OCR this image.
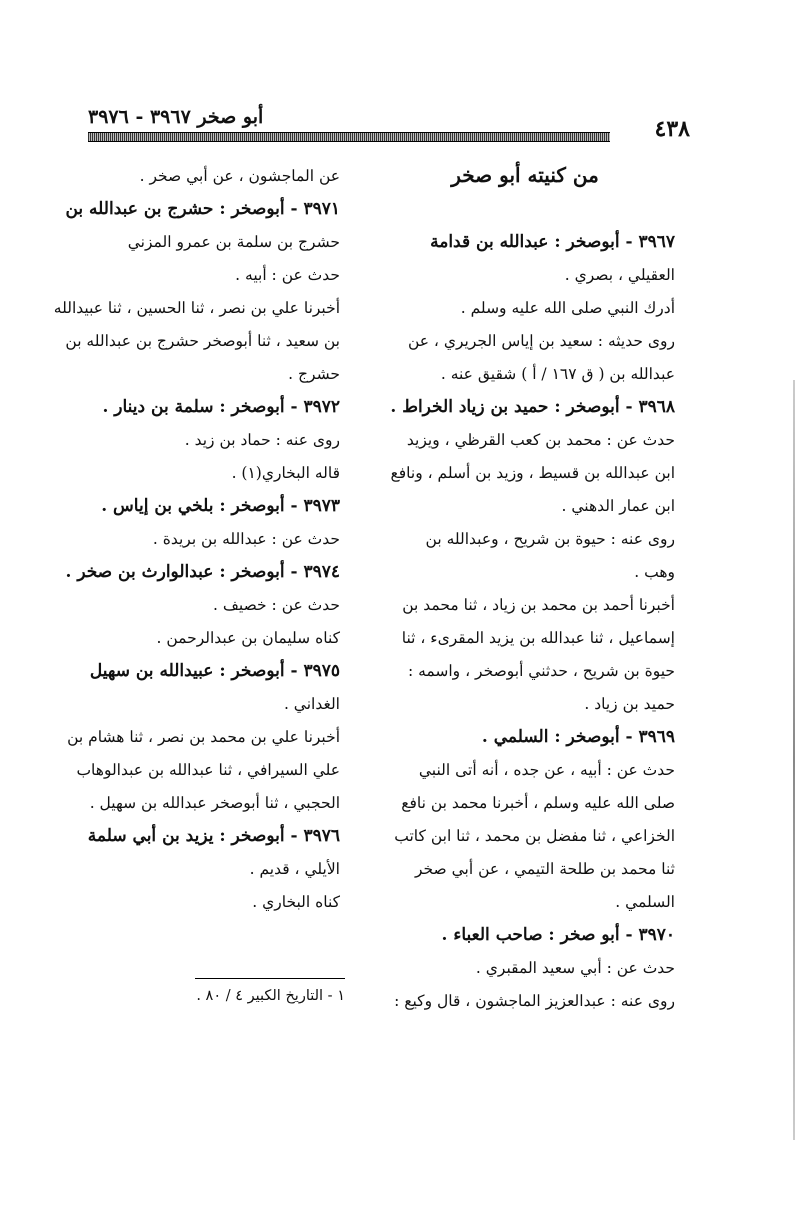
أبو صخر ٣٩٦٧ - ٣٩٧٦	٤٣٨

من كنيته أبو صخر

٣٩٦٧ - أبوصخر : عبدالله بن قدامة

العقيلي ، بصري .

أدرك النبي صلى الله عليه وسلم .

روى حديثه : سعيد بن إياس الجريري ، عن

عبدالله بن ( ق ١٦٧ / أ ) شقيق عنه .

٣٩٦٨ - أبوصخر : حميد بن زياد الخراط .

حدث عن : محمد بن كعب القرظي ، ويزيد

ابن عبدالله بن قسيط ، وزيد بن أسلم ، ونافع

ابن عمار الدهني .

روى عنه : حيوة بن شريح ، وعبدالله بن

وهب .

أخبرنا أحمد بن محمد بن زياد ، ثنا محمد بن

إسماعيل ، ثنا عبدالله بن يزيد المقرىء ، ثنا

حيوة بن شريح ، حدثني أبوصخر ، واسمه :

حميد بن زياد .

٣٩٦٩ - أبوصخر : السلمي .

حدث عن : أبيه ، عن جده ، أنه أتى النبي

صلى الله عليه وسلم ، أخبرنا محمد بن نافع

الخزاعي ، ثنا مفضل بن محمد ، ثنا ابن كاتب

ثنا محمد بن طلحة التيمي ، عن أبي صخر

السلمي .

٣٩٧٠ - أبو صخر : صاحب العباء .

حدث عن : أبي سعيد المقبري .

روى عنه : عبدالعزيز الماجشون ، قال وكيع :

عن الماجشون ، عن أبي صخر .

٣٩٧١ - أبوصخر : حشرج بن عبدالله بن

حشرج بن سلمة بن عمرو المزني

حدث عن : أبيه .

أخبرنا علي بن نصر ، ثنا الحسين ، ثنا عبيدالله

بن سعيد ، ثنا أبوصخر حشرج بن عبدالله بن

حشرج .

٣٩٧٢ - أبوصخر : سلمة بن دينار .

روى عنه : حماد بن زيد .

قاله البخاري(١) .

٣٩٧٣ - أبوصخر : بلخي بن إياس .

حدث عن : عبدالله بن بريدة .

٣٩٧٤ - أبوصخر : عبدالوارث بن صخر .

حدث عن : خصيف .

كناه سليمان بن عبدالرحمن .

٣٩٧٥ - أبوصخر : عبيدالله بن سهيل

الغداني .

أخبرنا علي بن محمد بن نصر ، ثنا هشام بن

علي السيرافي ، ثنا عبدالله بن عبدالوهاب

الحجبي ، ثنا أبوصخر عبدالله بن سهيل .

٣٩٧٦ - أبوصخر : يزيد بن أبي سلمة

الأيلي ، قديم .

كناه البخاري .

١ - التاريخ الكبير ٤ / ٨٠ .
